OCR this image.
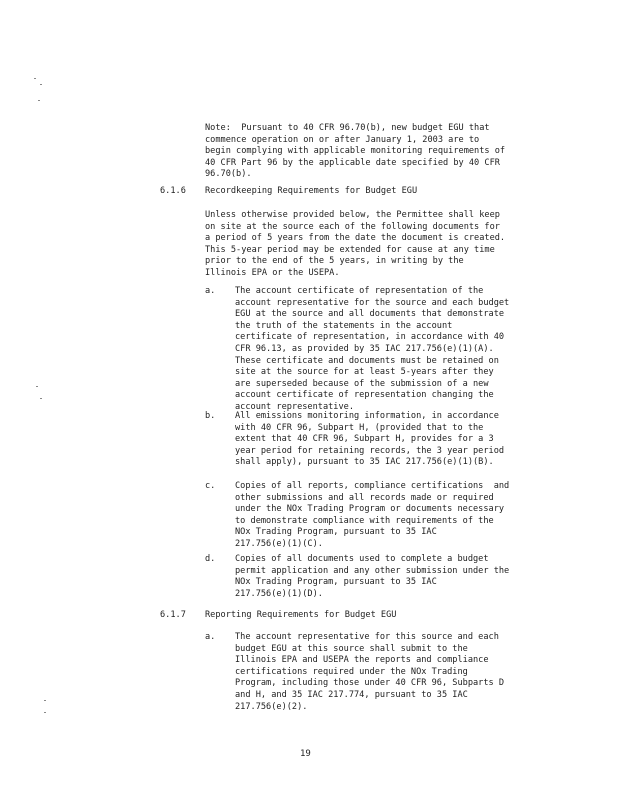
Note:  Pursuant to 40 CFR 96.70(b), new budget EGU that
commence operation on or after January 1, 2003 are to
begin complying with applicable monitoring requirements of
40 CFR Part 96 by the applicable date specified by 40 CFR
96.70(b).

6.1.6 Recordkeeping Requirements for Budget EGU

Unless otherwise provided below, the Permittee shall keep
on site at the source each of the following documents for
a period of 5 years from the date the document is created.
This 5-year period may be extended for cause at any time
prior to the end of the 5 years, in writing by the
Illinois EPA or the USEPA.

a. The account certificate of representation of the
account representative for the source and each budget
EGU at the source and all documents that demonstrate
the truth of the statements in the account
certificate of representation, in accordance with 40
CFR 96.13, as provided by 35 IAC 217.756(e)(1)(A).
These certificate and documents must be retained on
site at the source for at least 5-years after they
are superseded because of the submission of a new
account certificate of representation changing the
account representative.
b. All emissions monitoring information, in accordance
with 40 CFR 96, Subpart H, (provided that to the
extent that 40 CFR 96, Subpart H, provides for a 3
year period for retaining records, the 3 year period
shall apply), pursuant to 35 IAC 217.756(e)(1)(B).
c. Copies of all reports, compliance certifications  and
other submissions and all records made or required
under the NOx Trading Program or documents necessary
to demonstrate compliance with requirements of the
NOx Trading Program, pursuant to 35 IAC
217.756(e)(1)(C).
d. Copies of all documents used to complete a budget
permit application and any other submission under the
NOx Trading Program, pursuant to 35 IAC
217.756(e)(1)(D).
6.1.7 Reporting Requirements for Budget EGU
a. The account representative for this source and each
budget EGU at this source shall submit to the
Illinois EPA and USEPA the reports and compliance
certifications required under the NOx Trading
Program, including those under 40 CFR 96, Subparts D
and H, and 35 IAC 217.774, pursuant to 35 IAC
217.756(e)(2).
19
